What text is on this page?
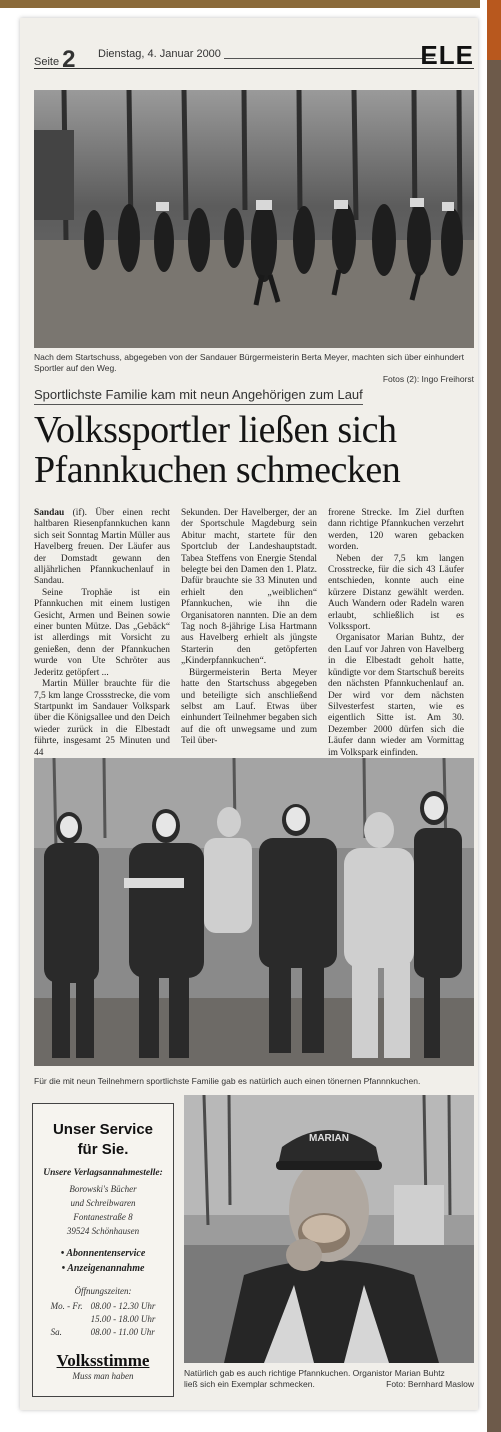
Seite 2 Dienstag, 4. Januar 2000	ELE
Nach dem Startschuss, abgegeben von der Sandauer Bürgermeisterin Berta Meyer, machten sich über einhundert Sportler auf den Weg.

Fotos (2): Ingo Freihorst
Sportlichste Familie kam mit neun Angehörigen zum Lauf
Volkssportler ließen sich
Pfannkuchen schmecken

Sandau (if). Über einen recht haltbaren Riesenpfannkuchen kann sich seit Sonntag Martin Müller aus Havelberg freuen. Der Läufer aus der Domstadt gewann den alljährlichen Pfannkuchenlauf in Sandau.

Seine Trophäe ist ein Pfannkuchen mit einem lustigen Gesicht, Armen und Beinen sowie einer bunten Mütze. Das „Gebäck“ ist allerdings mit Vorsicht zu genießen, denn der Pfannkuchen wurde von Ute Schröter aus Jederitz getöpfert ...

Martin Müller brauchte für die 7,5 km lange Crossstrecke, die vom Startpunkt im Sandauer Volkspark über die Königsallee und den Deich wieder zurück in die Elbestadt führte, insgesamt 25 Minuten und 44

Sekunden. Der Havelberger, der an der Sportschule Magdeburg sein Abitur macht, startete für den Sportclub der Landeshauptstadt. Tabea Steffens von Energie Stendal belegte bei den Damen den 1. Platz. Dafür brauchte sie 33 Minuten und erhielt den „weiblichen“ Pfannkuchen, wie ihn die Organisatoren nannten. Die an dem Tag noch 8-jährige Lisa Hartmann aus Havelberg erhielt als jüngste Starterin den getöpferten „Kinderpfannkuchen“.

Bürgermeisterin Berta Meyer hatte den Startschuss abgegeben und beteiligte sich anschließend selbst am Lauf. Etwas über einhundert Teilnehmer begaben sich auf die oft unwegsame und zum Teil über-

frorene Strecke. Im Ziel durften dann richtige Pfannkuchen verzehrt werden, 120 waren gebacken worden.

Neben der 7,5 km langen Crosstrecke, für die sich 43 Läufer entschieden, konnte auch eine kürzere Distanz gewählt werden. Auch Wandern oder Radeln waren erlaubt, schließlich ist es Volkssport.

Organisator Marian Buhtz, der den Lauf vor Jahren von Havelberg in die Elbestadt geholt hatte, kündigte vor dem Startschuß bereits den nächsten Pfannkuchenlauf an. Der wird vor dem nächsten Silvesterfest starten, wie es eigentlich Sitte ist. Am 30. Dezember 2000 dürfen sich die Läufer dann wieder am Vormittag im Volkspark einfinden.

Für die mit neun Teilnehmern sportlichste Familie gab es natürlich auch einen tönernen Pfannnkuchen.
Unser Service
für Sie.
Unsere Verlagsannahmestelle:
Borowski's Bücher
und Schreibwaren
Fontanestraße 8
39524 Schönhausen
• Abonnentenservice
• Anzeigenannahme
Öffnungszeiten:
Mo. - Fr.	08.00 - 12.30 Uhr
	15.00 - 18.00 Uhr
Sa.	08.00 - 11.00 Uhr
Volksstimme
Muss man haben
MARIAN
Natürlich gab es auch richtige Pfannkuchen. Organistor Marian Buhtz
ließ sich ein Exemplar schmecken.	Foto: Bernhard Maslow
